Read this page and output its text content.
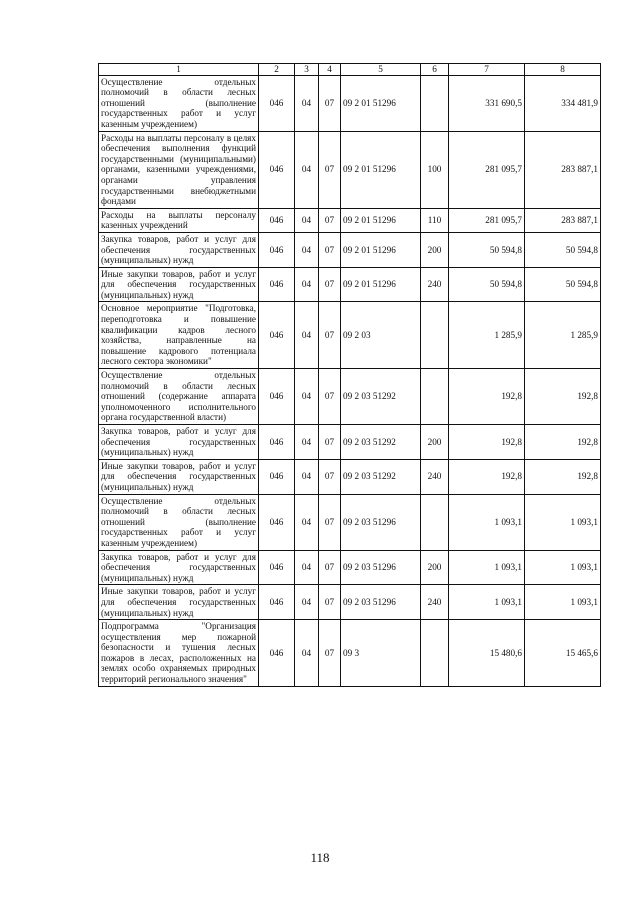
1	2	3	4	5	6	7	8
Осуществление отдельных полномочий в области лесных отношений (выполнение государственных работ и услуг казенным учреждением)	046	04	07	09 2 01 51296		331 690,5	334 481,9
Расходы на выплаты персоналу в целях обеспечения выполнения функций государственными (муниципальными) органами, казенными учреждениями, органами управления государственными внебюджетными фондами	046	04	07	09 2 01 51296	100	281 095,7	283 887,1
Расходы на выплаты персоналу казенных учреждений	046	04	07	09 2 01 51296	110	281 095,7	283 887,1
Закупка товаров, работ и услуг для обеспечения государственных (муниципальных) нужд	046	04	07	09 2 01 51296	200	50 594,8	50 594,8
Иные закупки товаров, работ и услуг для обеспечения государственных (муниципальных) нужд	046	04	07	09 2 01 51296	240	50 594,8	50 594,8
Основное мероприятие "Подготовка, переподготовка и повышение квалификации кадров лесного хозяйства, направленные на повышение кадрового потенциала лесного сектора экономики"	046	04	07	09 2 03		1 285,9	1 285,9
Осуществление отдельных полномочий в области лесных отношений (содержание аппарата уполномоченного исполнительного органа государственной власти)	046	04	07	09 2 03 51292		192,8	192,8
Закупка товаров, работ и услуг для обеспечения государственных (муниципальных) нужд	046	04	07	09 2 03 51292	200	192,8	192,8
Иные закупки товаров, работ и услуг для обеспечения государственных (муниципальных) нужд	046	04	07	09 2 03 51292	240	192,8	192,8
Осуществление отдельных полномочий в области лесных отношений (выполнение государственных работ и услуг казенным учреждением)	046	04	07	09 2 03 51296		1 093,1	1 093,1
Закупка товаров, работ и услуг для обеспечения государственных (муниципальных) нужд	046	04	07	09 2 03 51296	200	1 093,1	1 093,1
Иные закупки товаров, работ и услуг для обеспечения государственных (муниципальных) нужд	046	04	07	09 2 03 51296	240	1 093,1	1 093,1
Подпрограмма "Организация осуществления мер пожарной безопасности и тушения лесных пожаров в лесах, расположенных на землях особо охраняемых природных территорий регионального значения"	046	04	07	09 3		15 480,6	15 465,6
118
